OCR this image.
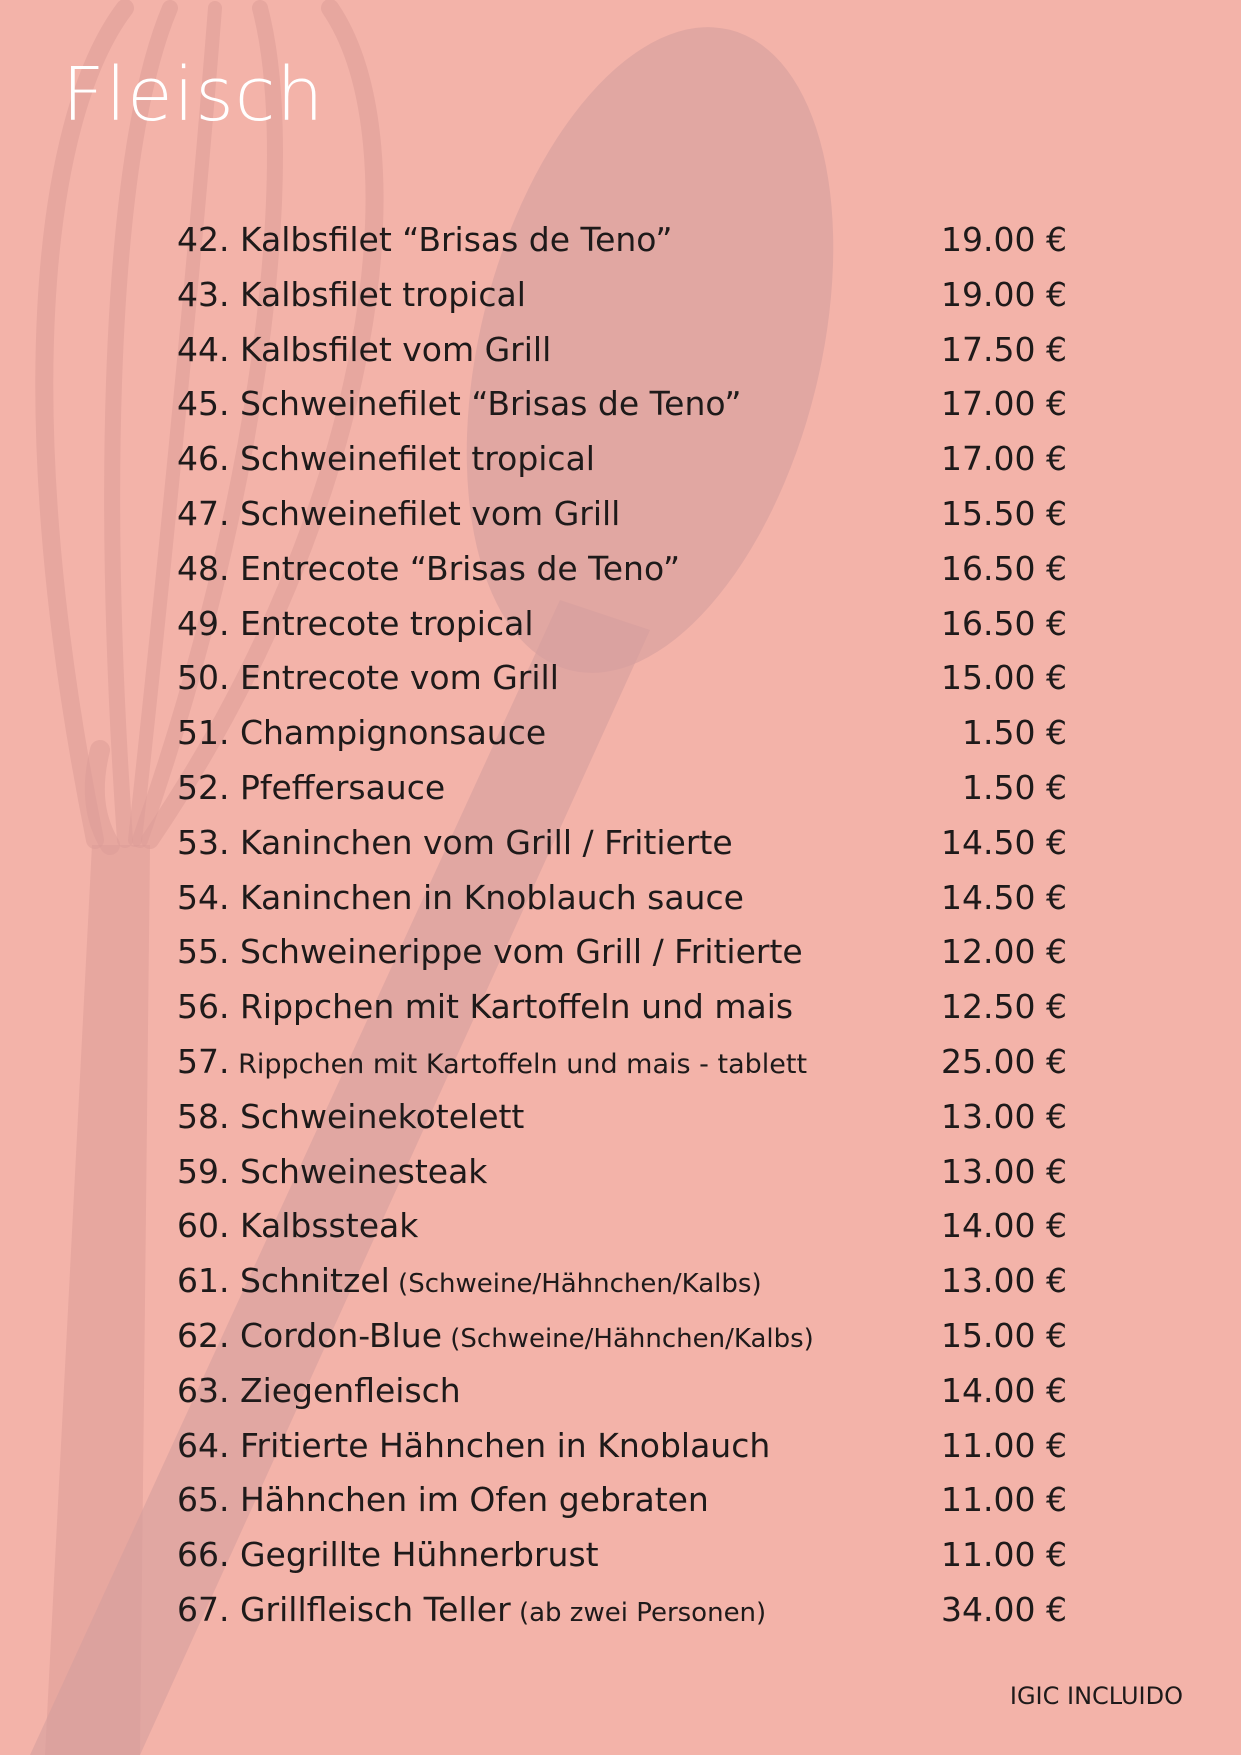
Fleisch
42. Kalbsfilet “Brisas de Teno”	19.00 €
43. Kalbsfilet tropical	19.00 €
44. Kalbsfilet vom Grill	17.50 €
45. Schweinefilet “Brisas de Teno”	17.00 €
46. Schweinefilet tropical	17.00 €
47. Schweinefilet vom Grill	15.50 €
48. Entrecote “Brisas de Teno”	16.50 €
49. Entrecote tropical	16.50 €
50. Entrecote vom Grill	15.00 €
51. Champignonsauce	1.50 €
52. Pfeffersauce	1.50 €
53. Kaninchen vom Grill / Fritierte	14.50 €
54. Kaninchen in Knoblauch sauce	14.50 €
55. Schweinerippe vom Grill / Fritierte	12.00 €
56. Rippchen mit Kartoffeln und mais	12.50 €
57. Rippchen mit Kartoffeln und mais - tablett	25.00 €
58. Schweinekotelett	13.00 €
59. Schweinesteak	13.00 €
60. Kalbssteak	14.00 €
61. Schnitzel (Schweine/Hähnchen/Kalbs)	13.00 €
62. Cordon-Blue (Schweine/Hähnchen/Kalbs)	15.00 €
63. Ziegenfleisch	14.00 €
64. Fritierte Hähnchen in Knoblauch	11.00 €
65. Hähnchen im Ofen gebraten	11.00 €
66. Gegrillte Hühnerbrust	11.00 €
67. Grillfleisch Teller (ab zwei Personen)	34.00 €
IGIC INCLUIDO
